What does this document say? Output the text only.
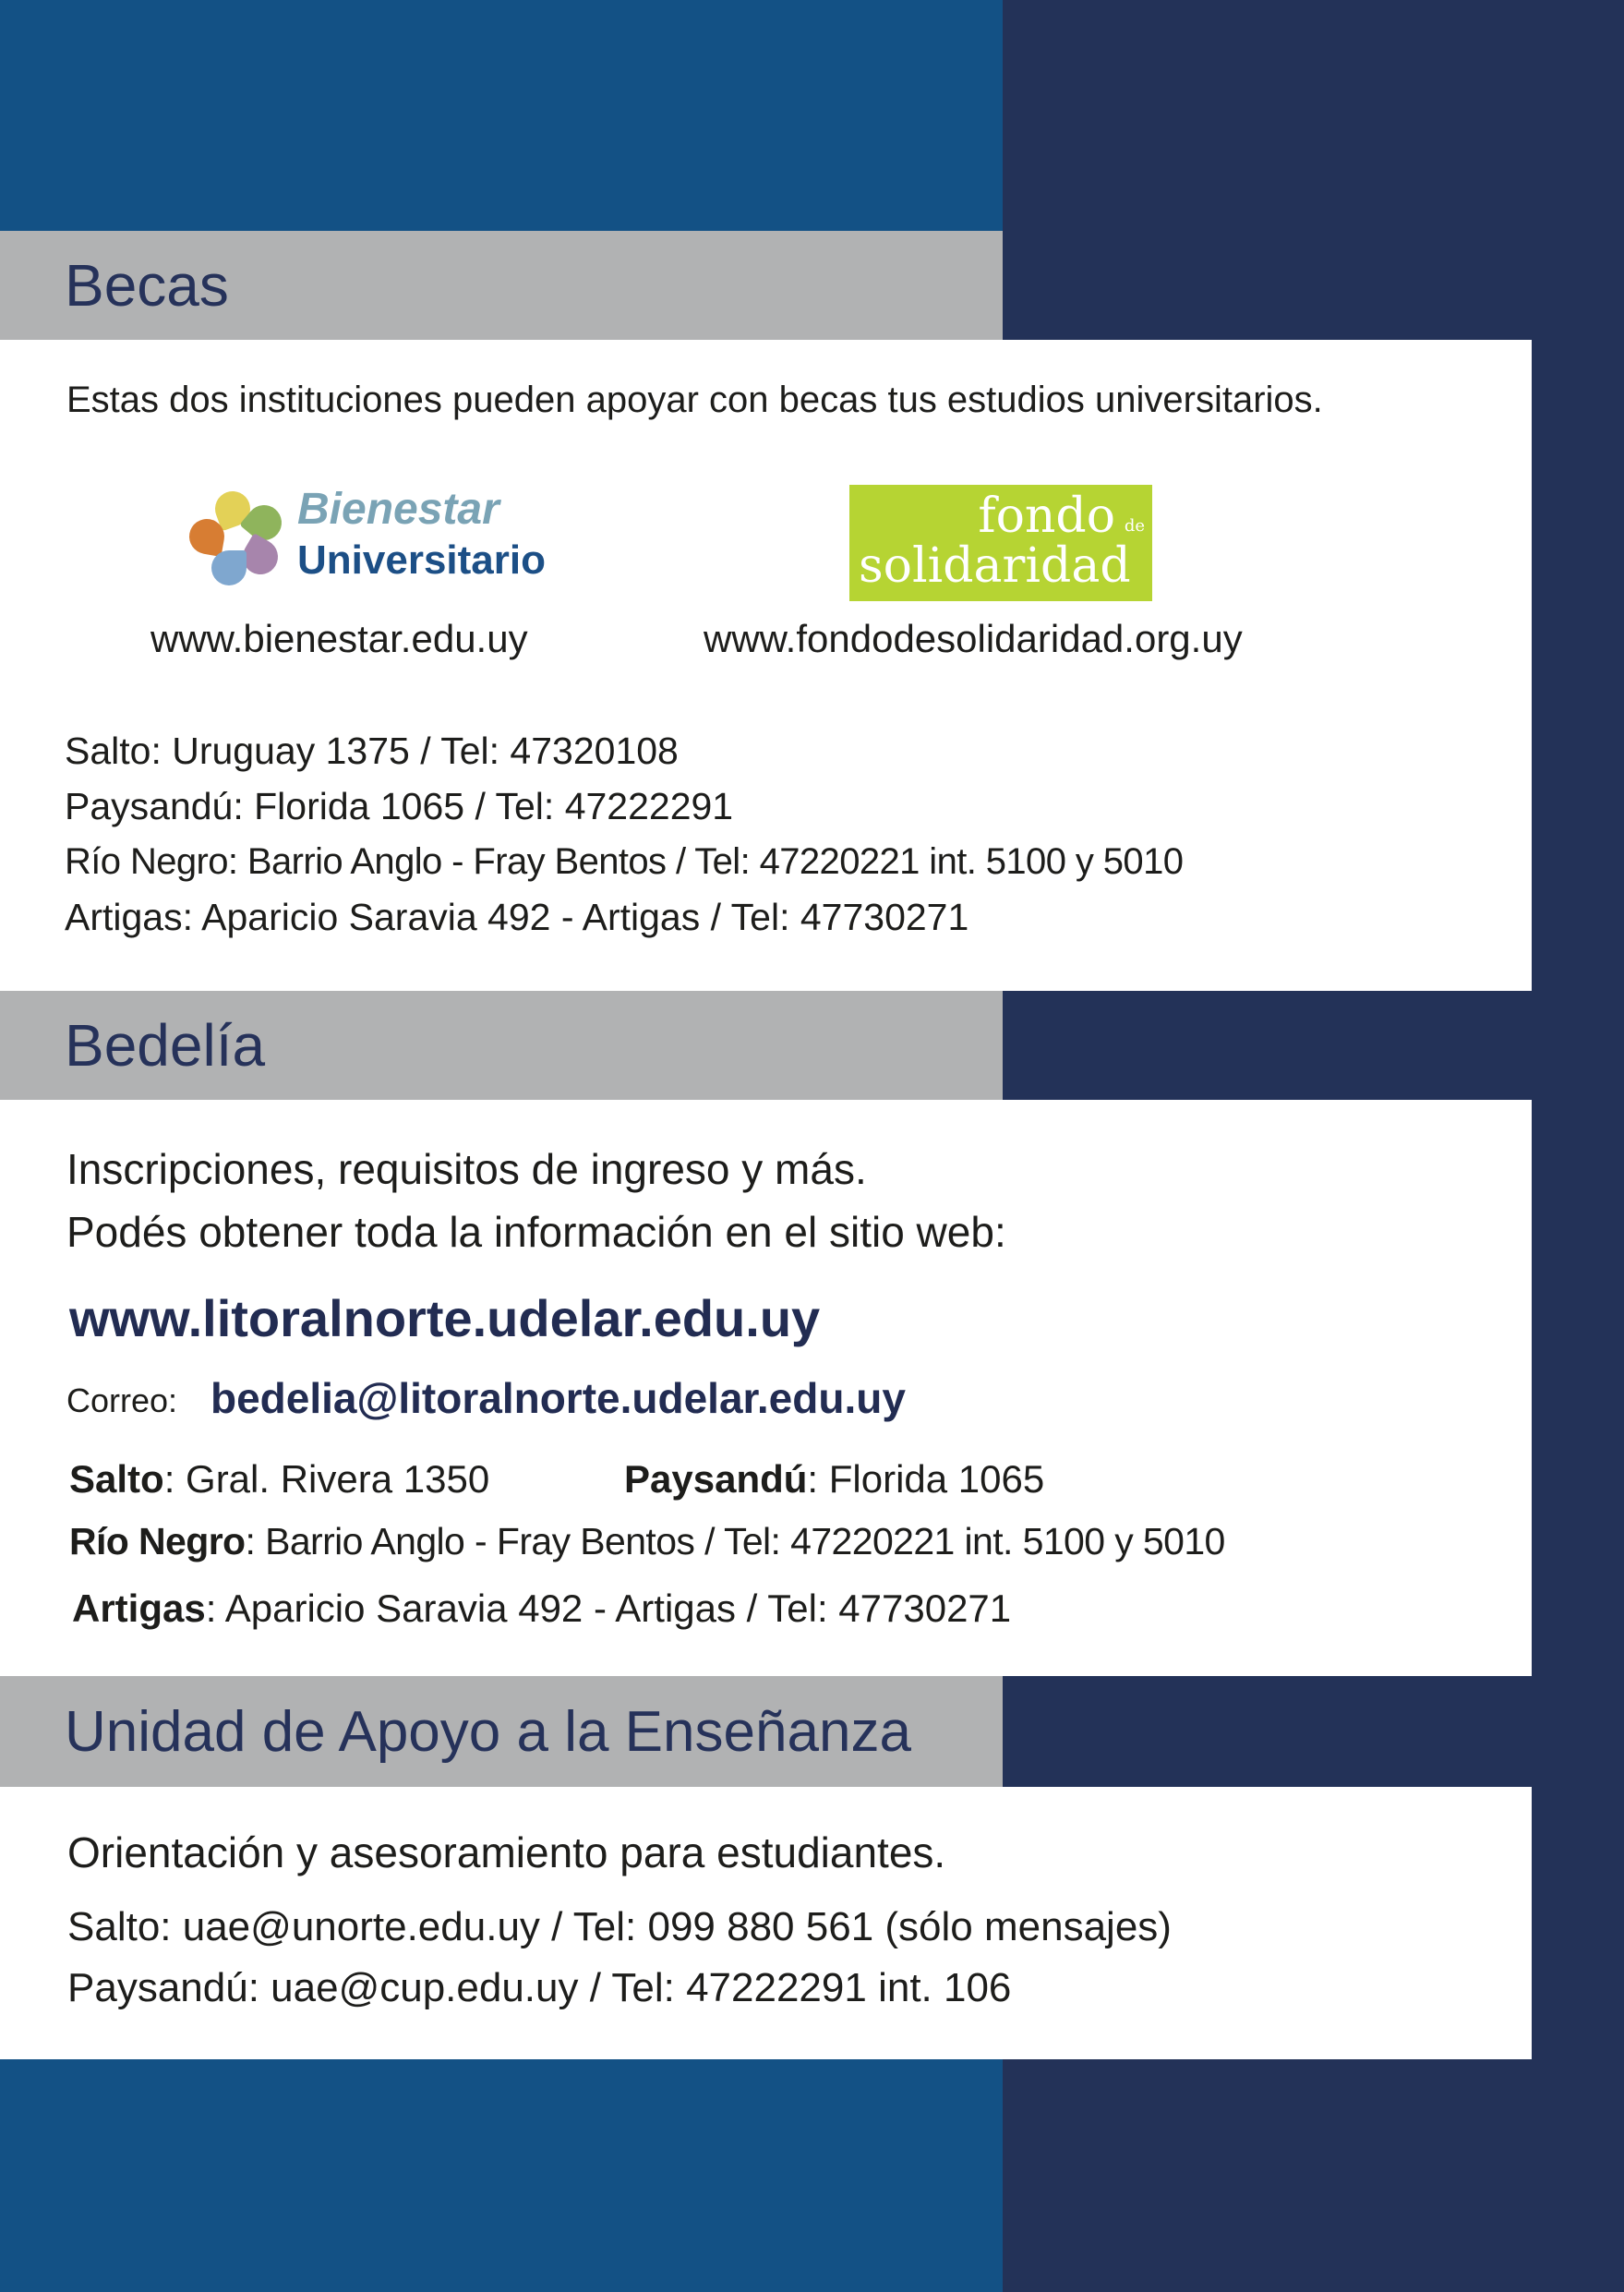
Becas
Estas dos instituciones pueden apoyar con becas tus estudios universitarios.
Bienestar
Universitario
fondo de
solidaridad
www.bienestar.edu.uy	www.fondodesolidaridad.org.uy
Salto: Uruguay 1375 / Tel: 47320108
Paysandú: Florida 1065 / Tel: 47222291
Río Negro: Barrio Anglo - Fray Bentos / Tel: 47220221 int. 5100 y 5010
Artigas: Aparicio Saravia 492 - Artigas / Tel: 47730271
Bedelía
Inscripciones, requisitos de ingreso y más.
Podés obtener toda la información en el sitio web:
www.litoralnorte.udelar.edu.uy
Correo: bedelia@litoralnorte.udelar.edu.uy
Salto: Gral. Rivera 1350	Paysandú: Florida 1065
Río Negro: Barrio Anglo - Fray Bentos / Tel: 47220221 int. 5100 y 5010
Artigas: Aparicio Saravia 492 - Artigas / Tel: 47730271
Unidad de Apoyo a la Enseñanza
Orientación y asesoramiento para estudiantes.
Salto: uae@unorte.edu.uy / Tel: 099 880 561 (sólo mensajes)
Paysandú: uae@cup.edu.uy / Tel: 47222291 int. 106
